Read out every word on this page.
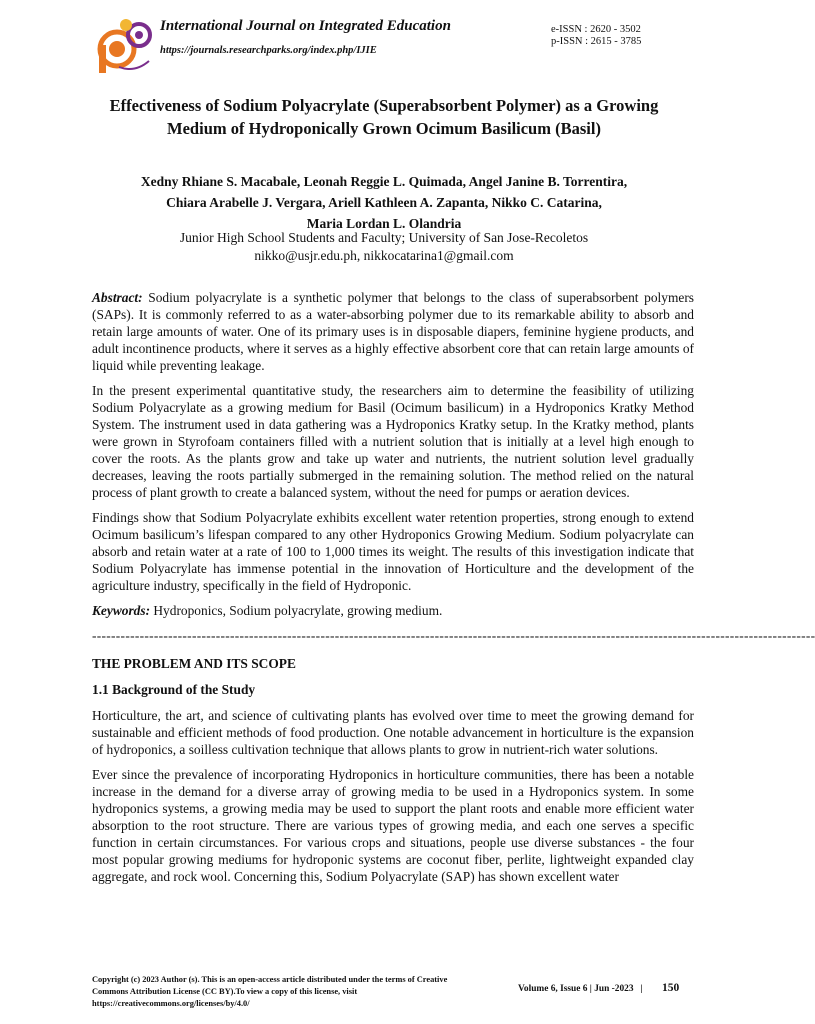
International Journal on Integrated Education
https://journals.researchparks.org/index.php/IJIE
e-ISSN : 2620 - 3502
p-ISSN : 2615 - 3785
Effectiveness of Sodium Polyacrylate (Superabsorbent Polymer) as a Growing Medium of Hydroponically Grown Ocimum Basilicum (Basil)
Xedny Rhiane S. Macabale, Leonah Reggie L. Quimada, Angel Janine B. Torrentira,
Chiara Arabelle J. Vergara, Ariell Kathleen A. Zapanta, Nikko C. Catarina,
Maria Lordan L. Olandria
Junior High School Students and Faculty; University of San Jose-Recoletos
nikko@usjr.edu.ph, nikkocatarina1@gmail.com

Abstract: Sodium polyacrylate is a synthetic polymer that belongs to the class of superabsorbent polymers (SAPs). It is commonly referred to as a water-absorbing polymer due to its remarkable ability to absorb and retain large amounts of water. One of its primary uses is in disposable diapers, feminine hygiene products, and adult incontinence products, where it serves as a highly effective absorbent core that can retain large amounts of liquid while preventing leakage.

In the present experimental quantitative study, the researchers aim to determine the feasibility of utilizing Sodium Polyacrylate as a growing medium for Basil (Ocimum basilicum) in a Hydroponics Kratky Method System. The instrument used in data gathering was a Hydroponics Kratky setup. In the Kratky method, plants were grown in Styrofoam containers filled with a nutrient solution that is initially at a level high enough to cover the roots. As the plants grow and take up water and nutrients, the nutrient solution level gradually decreases, leaving the roots partially submerged in the remaining solution. The method relied on the natural process of plant growth to create a balanced system, without the need for pumps or aeration devices.

Findings show that Sodium Polyacrylate exhibits excellent water retention properties, strong enough to extend Ocimum basilicum’s lifespan compared to any other Hydroponics Growing Medium. Sodium polyacrylate can absorb and retain water at a rate of 100 to 1,000 times its weight. The results of this investigation indicate that Sodium Polyacrylate has immense potential in the innovation of Horticulture and the development of the agriculture industry, specifically in the field of Hydroponic.

Keywords: Hydroponics, Sodium polyacrylate, growing medium.

--------------------------------------------------------------------------------------------------------------------------------------------------------
THE PROBLEM AND ITS SCOPE
1.1 Background of the Study

Horticulture, the art, and science of cultivating plants has evolved over time to meet the growing demand for sustainable and efficient methods of food production. One notable advancement in horticulture is the expansion of hydroponics, a soilless cultivation technique that allows plants to grow in nutrient-rich water solutions.

Ever since the prevalence of incorporating Hydroponics in horticulture communities, there has been a notable increase in the demand for a diverse array of growing media to be used in a Hydroponics system. In some hydroponics systems, a growing media may be used to support the plant roots and enable more efficient water absorption to the root structure. There are various types of growing media, and each one serves a specific function in certain circumstances. For various crops and situations, people use diverse substances - the four most popular growing mediums for hydroponic systems are coconut fiber, perlite, lightweight expanded clay aggregate, and rock wool. Concerning this, Sodium Polyacrylate (SAP) has shown excellent water

Copyright (c) 2023 Author (s). This is an open-access article distributed under the terms of Creative Commons Attribution License (CC BY).To view a copy of this license, visit https://creativecommons.org/licenses/by/4.0/
Volume 6, Issue 6 | Jun -2023 | 150
